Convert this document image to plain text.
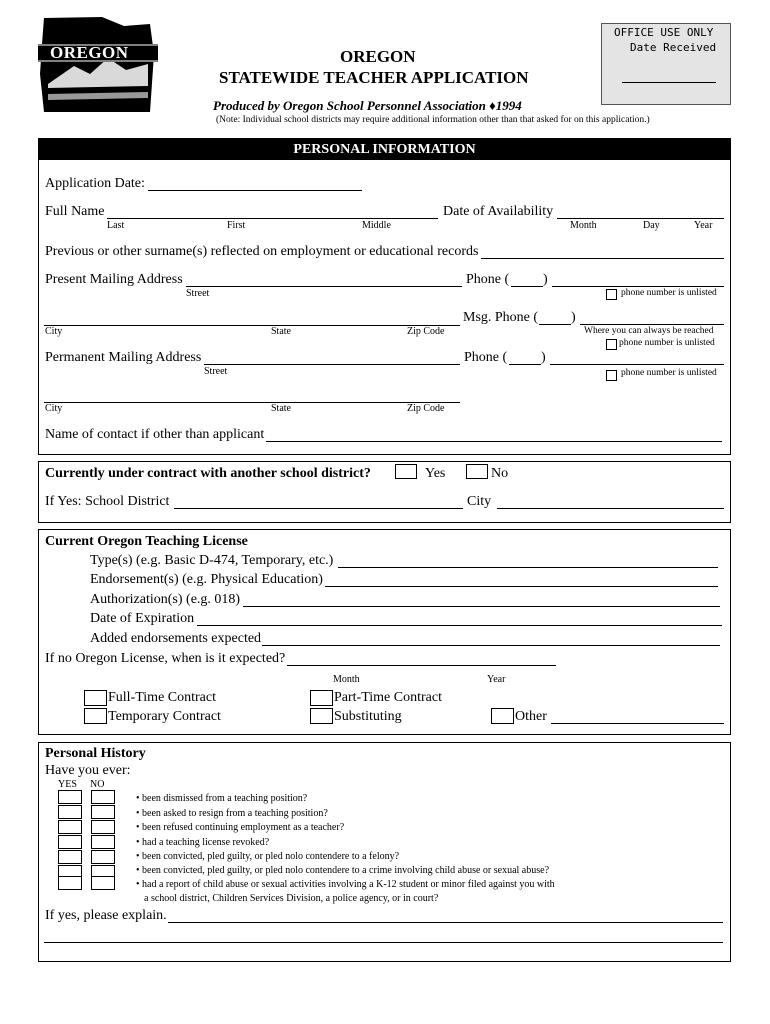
OREGON	OREGON
STATEWIDE TEACHER APPLICATION
Produced by Oregon School Personnel Association ♦1994
(Note: Individual school districts may require additional information other than that asked for on this application.)
OFFICE USE ONLY
Date Received
PERSONAL INFORMATION
Application Date:
Full Name
Last	First	Middle
Date of Availability
Month	Day	Year
Previous or other surname(s) reflected on employment or educational records
Present Mailing Address
Street
Phone ( )
phone number is unlisted
City	State	Zip Code
Msg. Phone ( )
Where you can always be reached
phone number is unlisted
Permanent Mailing Address
Street
Phone ( )
phone number is unlisted
City	State	Zip Code
Name of contact if other than applicant
Currently under contract with another school district?	Yes	No
If Yes: School District	City
Current Oregon Teaching License
Type(s) (e.g. Basic D-474, Temporary, etc.)
Endorsement(s) (e.g. Physical Education)
Authorization(s) (e.g. 018)
Date of Expiration
Added endorsements expected
If no Oregon License, when is it expected?
Month	Year
Full-Time Contract	Part-Time Contract
Temporary Contract	Substituting	Other
Personal History
Have you ever:
YES NO
• been dismissed from a teaching position?
• been asked to resign from a teaching position?
• been refused continuing employment as a teacher?
• had a teaching license revoked?
• been convicted, pled guilty, or pled nolo contendere to a felony?
• been convicted, pled guilty, or pled nolo contendere to a crime involving child abuse or sexual abuse?
• had a report of child abuse or sexual activities involving a K-12 student or minor filed against you with
a school district, Children Services Division, a police agency, or in court?
If yes, please explain.
